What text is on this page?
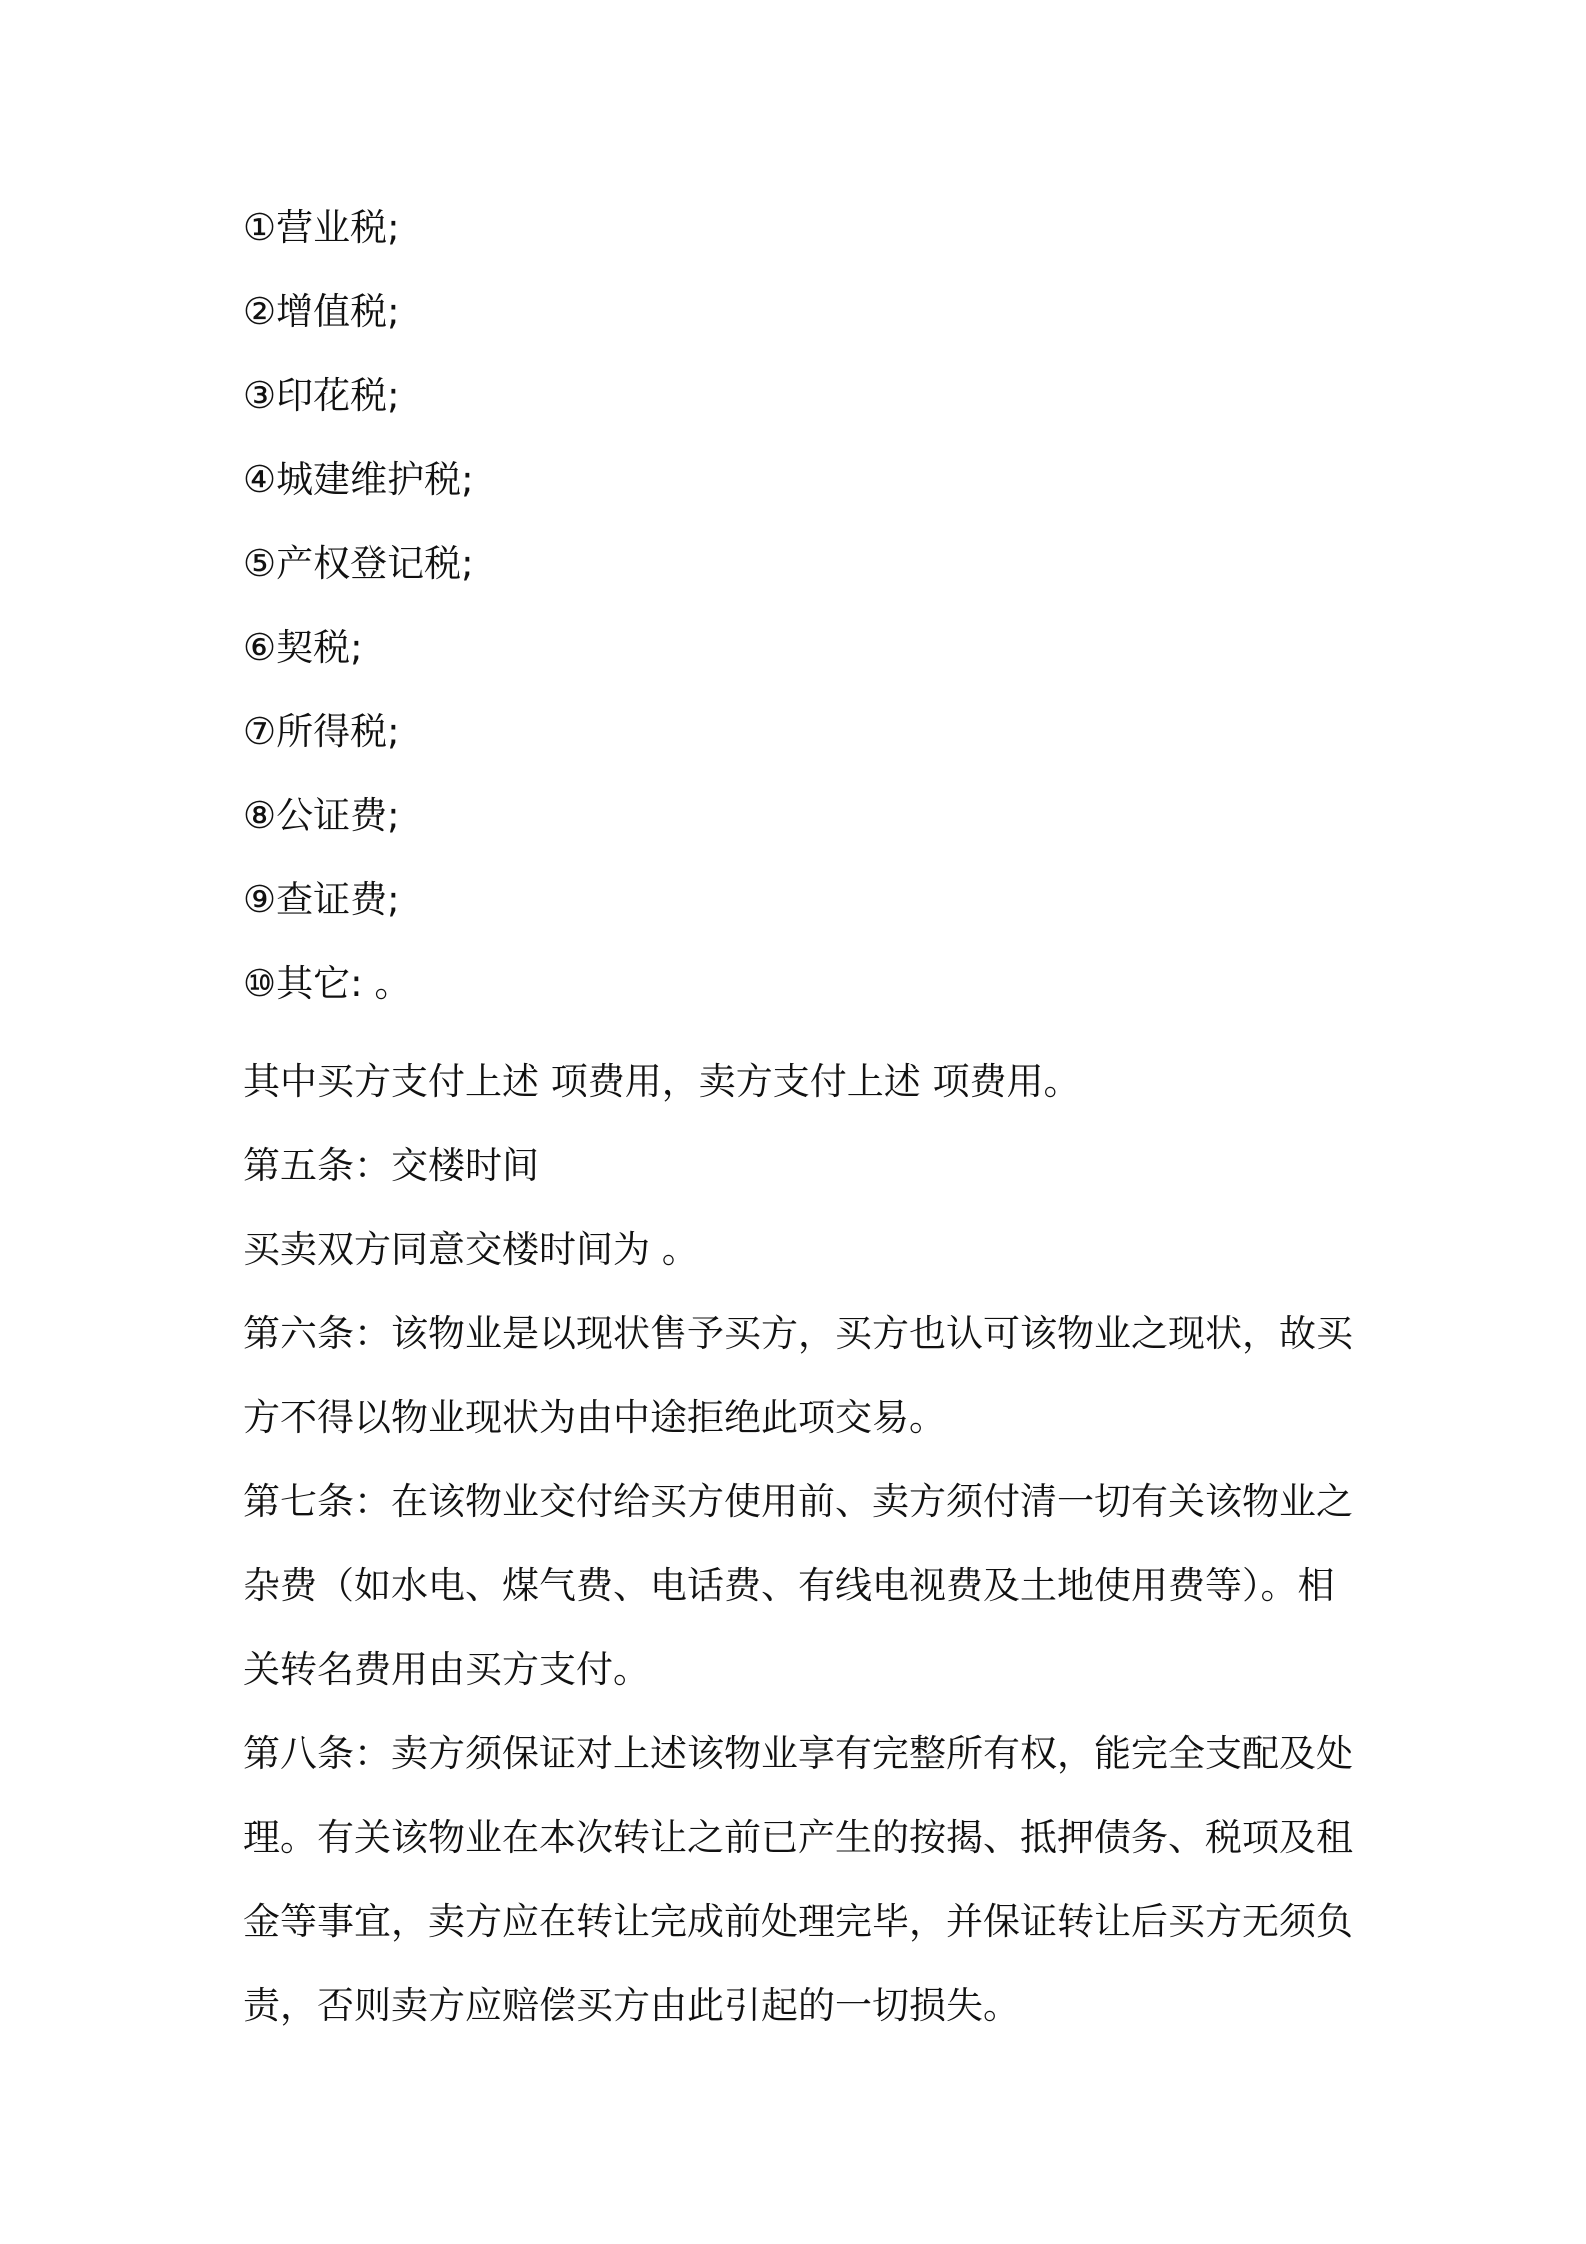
①营业税;
②增值税;
③印花税;
④城建维护税;
⑤产权登记税;
⑥契税;
⑦所得税;
⑧公证费;
⑨查证费;
⑩其它: 。

其中买方支付上述 项费用，卖方支付上述 项费用。

第五条：交楼时间

买卖双方同意交楼时间为 。

第六条：该物业是以现状售予买方，买方也认可该物业之现状，故买方不得以物业现状为由中途拒绝此项交易。

第七条：在该物业交付给买方使用前、卖方须付清一切有关该物业之杂费（如水电、煤气费、电话费、有线电视费及土地使用费等）。相关转名费用由买方支付。

第八条：卖方须保证对上述该物业享有完整所有权，能完全支配及处理。有关该物业在本次转让之前已产生的按揭、抵押债务、税项及租金等事宜，卖方应在转让完成前处理完毕，并保证转让后买方无须负责，否则卖方应赔偿买方由此引起的一切损失。
